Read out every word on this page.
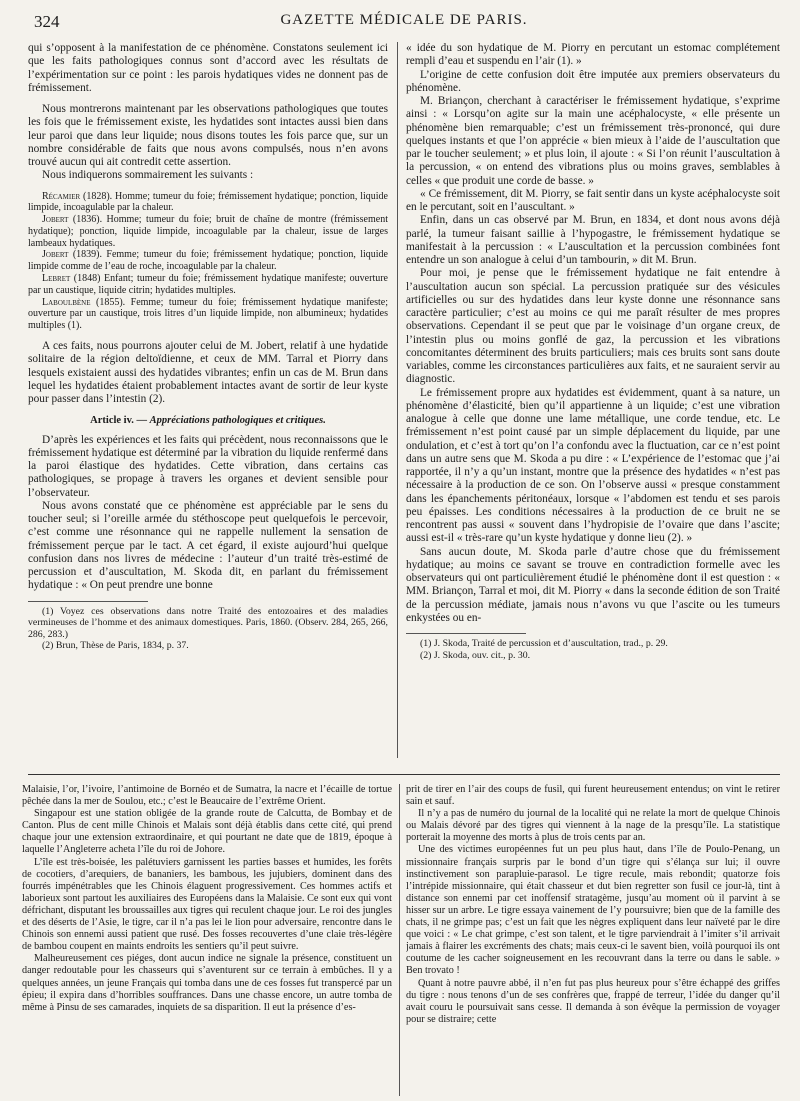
324	GAZETTE MÉDICALE DE PARIS.

qui s’opposent à la manifestation de ce phénomène. Constatons seulement ici que les faits pathologiques connus sont d’accord avec les résultats de l’expérimentation sur ce point : les parois hydatiques vides ne donnent pas de frémissement.

Nous montrerons maintenant par les observations pathologiques que toutes les fois que le frémissement existe, les hydatides sont intactes aussi bien dans leur paroi que dans leur liquide; nous disons toutes les fois parce que, sur un nombre considérable de faits que nous avons compulsés, nous n’en avons trouvé aucun qui ait contredit cette assertion.

Nous indiquerons sommairement les suivants :

Récamier (1828). Homme; tumeur du foie; frémissement hydatique; ponction, liquide limpide, incoagulable par la chaleur.

Jobert (1836). Homme; tumeur du foie; bruit de chaîne de montre (frémissement hydatique); ponction, liquide limpide, incoagulable par la chaleur, issue de larges lambeaux hydatiques.

Jobert (1839). Femme; tumeur du foie; frémissement hydatique; ponction, liquide limpide comme de l’eau de roche, incoagulable par la chaleur.

Lebret (1848) Enfant; tumeur du foie; frémissement hydatique manifeste; ouverture par un caustique, liquide citrin; hydatides multiples.

Laboulbène (1855). Femme; tumeur du foie; frémissement hydatique manifeste; ouverture par un caustique, trois litres d’un liquide limpide, non albumineux; hydatides multiples (1).

A ces faits, nous pourrons ajouter celui de M. Jobert, relatif à une hydatide solitaire de la région deltoïdienne, et ceux de MM. Tarral et Piorry dans lesquels existaient aussi des hydatides vibrantes; enfin un cas de M. Brun dans lequel les hydatides étaient probablement intactes avant de sortir de leur kyste pour passer dans l’intestin (2).

Article iv. — Appréciations pathologiques et critiques.

D’après les expériences et les faits qui précèdent, nous reconnaissons que le frémissement hydatique est déterminé par la vibration du liquide renfermé dans la paroi élastique des hydatides. Cette vibration, dans certains cas pathologiques, se propage à travers les organes et devient sensible pour l’observateur.

Nous avons constaté que ce phénomène est appréciable par le sens du toucher seul; si l’oreille armée du stéthoscope peut quelquefois le percevoir, c’est comme une résonnance qui ne rappelle nullement la sensation de frémissement perçue par le tact. A cet égard, il existe aujourd’hui quelque confusion dans nos livres de médecine : l’auteur d’un traité très-estimé de percussion et d’auscultation, M. Skoda dit, en parlant du frémissement hydatique : « On peut prendre une bonne

(1) Voyez ces observations dans notre Traité des entozoaires et des maladies vermineuses de l’homme et des animaux domestiques. Paris, 1860. (Observ. 284, 265, 266, 286, 283.)

(2) Brun, Thèse de Paris, 1834, p. 37.

« idée du son hydatique de M. Piorry en percutant un estomac complétement rempli d’eau et suspendu en l’air (1). »

L’origine de cette confusion doit être imputée aux premiers observateurs du phénomène.

M. Briançon, cherchant à caractériser le frémissement hydatique, s’exprime ainsi : « Lorsqu’on agite sur la main une acéphalocyste, « elle présente un phénomène bien remarquable; c’est un frémissement très-prononcé, qui dure quelques instants et que l’on apprécie « bien mieux à l’aide de l’auscultation que par le toucher seulement; » et plus loin, il ajoute : « Si l’on réunit l’auscultation à la percussion, « on entend des vibrations plus ou moins graves, semblables à celles « que produit une corde de basse. »

« Ce frémissement, dit M. Piorry, se fait sentir dans un kyste acéphalocyste soit en le percutant, soit en l’auscultant. »

Enfin, dans un cas observé par M. Brun, en 1834, et dont nous avons déjà parlé, la tumeur faisant saillie à l’hypogastre, le frémissement hydatique se manifestait à la percussion : « L’auscultation et la percussion combinées font entendre un son analogue à celui d’un tambourin, » dit M. Brun.

Pour moi, je pense que le frémissement hydatique ne fait entendre à l’auscultation aucun son spécial. La percussion pratiquée sur des vésicules artificielles ou sur des hydatides dans leur kyste donne une résonnance sans caractère particulier; c’est au moins ce qui me paraît résulter de mes propres observations. Cependant il se peut que par le voisinage d’un organe creux, de l’intestin plus ou moins gonflé de gaz, la percussion et les vibrations concomitantes déterminent des bruits particuliers; mais ces bruits sont sans doute variables, comme les circonstances particulières aux faits, et ne sauraient servir au diagnostic.

Le frémissement propre aux hydatides est évidemment, quant à sa nature, un phénomène d’élasticité, bien qu’il appartienne à un liquide; c’est une vibration analogue à celle que donne une lame métallique, une corde tendue, etc. Le frémissement n’est point causé par un simple déplacement du liquide, par une ondulation, et c’est à tort qu’on l’a confondu avec la fluctuation, car ce n’est point dans un autre sens que M. Skoda a pu dire : « L’expérience de l’estomac que j’ai rapportée, il n’y a qu’un instant, montre que la présence des hydatides « n’est pas nécessaire à la production de ce son. On l’observe aussi « presque constamment dans les épanchements péritonéaux, lorsque « l’abdomen est tendu et ses parois peu épaisses. Les conditions nécessaires à la production de ce bruit ne se rencontrent pas aussi « souvent dans l’hydropisie de l’ovaire que dans l’ascite; aussi est-il « très-rare qu’un kyste hydatique y donne lieu (2). »

Sans aucun doute, M. Skoda parle d’autre chose que du frémissement hydatique; au moins ce savant se trouve en contradiction formelle avec les observateurs qui ont particulièrement étudié le phénomène dont il est question : « MM. Briançon, Tarral et moi, dit M. Piorry « dans la seconde édition de son Traité de la percussion médiate, jamais nous n’avons vu que l’ascite ou les tumeurs enkystées ou en-

(1) J. Skoda, Traité de percussion et d’auscultation, trad., p. 29.

(2) J. Skoda, ouv. cit., p. 30.

Malaisie, l’or, l’ivoire, l’antimoine de Bornéo et de Sumatra, la nacre et l’écaille de tortue pêchée dans la mer de Soulou, etc.; c’est le Beaucaire de l’extrême Orient.

Singapour est une station obligée de la grande route de Calcutta, de Bombay et de Canton. Plus de cent mille Chinois et Malais sont déjà établis dans cette cité, qui prend chaque jour une extension extraordinaire, et qui pourtant ne date que de 1819, époque à laquelle l’Angleterre acheta l’île du roi de Johore.

L’île est très-boisée, les palétuviers garnissent les parties basses et humides, les forêts de cocotiers, d’arequiers, de bananiers, les bambous, les jujubiers, dominent dans des fourrés impénétrables que les Chinois élaguent progressivement. Ces hommes actifs et laborieux sont partout les auxiliaires des Européens dans la Malaisie. Ce sont eux qui vont défrichant, disputant les broussailles aux tigres qui reculent chaque jour. Le roi des jungles et des déserts de l’Asie, le tigre, car il n’a pas lei le lion pour adversaire, rencontre dans le Chinois son ennemi aussi patient que rusé. Des fosses recouvertes d’une claie très-légère de bambou coupent en maints endroits les sentiers qu’il peut suivre.

Malheureusement ces piéges, dont aucun indice ne signale la présence, constituent un danger redoutable pour les chasseurs qui s’aventurent sur ce terrain à embûches. Il y a quelques années, un jeune Français qui tomba dans une de ces fosses fut transpercé par un épieu; il expira dans d’horribles souffrances. Dans une chasse encore, un autre tomba de même à Pinsu de ses camarades, inquiets de sa disparition. Il eut la présence d’es-

prit de tirer en l’air des coups de fusil, qui furent heureusement entendus; on vint le retirer sain et sauf.

Il n’y a pas de numéro du journal de la localité qui ne relate la mort de quelque Chinois ou Malais dévoré par des tigres qui viennent à la nage de la presqu’île. La statistique porterait la moyenne des morts à plus de trois cents par an.

Une des victimes européennes fut un peu plus haut, dans l’île de Poulo-Penang, un missionnaire français surpris par le bond d’un tigre qui s’élança sur lui; il ouvre instinctivement son parapluie-parasol. Le tigre recule, mais rebondit; quatorze fois l’intrépide missionnaire, qui était chasseur et dut bien regretter son fusil ce jour-là, tint à distance son ennemi par cet inoffensif stratagème, jusqu’au moment où il parvint à se hisser sur un arbre. Le tigre essaya vainement de l’y poursuivre; bien que de la famille des chats, il ne grimpe pas; c’est un fait que les nègres expliquent dans leur naïveté par le dire que voici : « Le chat grimpe, c’est son talent, et le tigre parviendrait à l’imiter s’il arrivait jamais à flairer les excréments des chats; mais ceux-ci le savent bien, voilà pourquoi ils ont coutume de les cacher soigneusement en les recouvrant dans la terre ou dans le sable. » Ben trovato !

Quant à notre pauvre abbé, il n’en fut pas plus heureux pour s’être échappé des griffes du tigre : nous tenons d’un de ses confrères que, frappé de terreur, l’idée du danger qu’il avait couru le poursuivait sans cesse. Il demanda à son évêque la permission de voyager pour se distraire; cette
